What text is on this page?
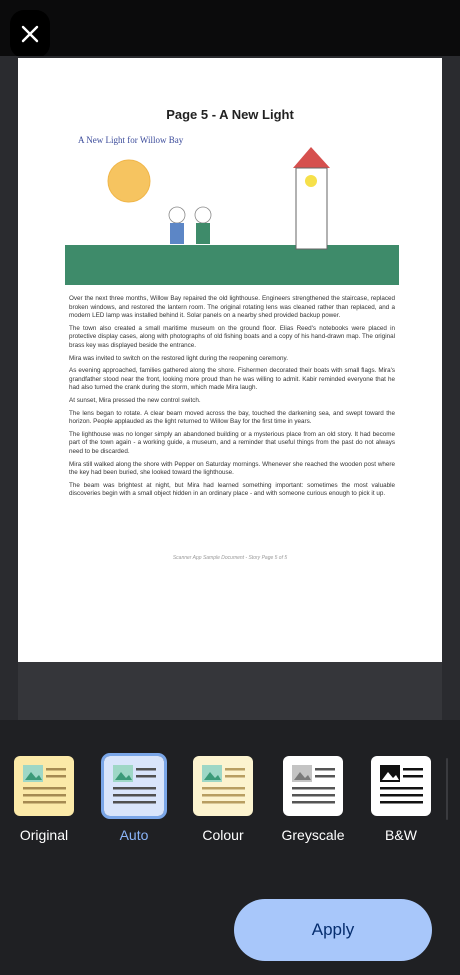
Page 5 - A New Light
A New Light for Willow Bay

Over the next three months, Willow Bay repaired the old lighthouse. Engineers strengthened the staircase, replaced broken windows, and restored the lantern room. The original rotating lens was cleaned rather than replaced, and a modern LED lamp was installed behind it. Solar panels on a nearby shed provided backup power.

The town also created a small maritime museum on the ground floor. Elias Reed's notebooks were placed in protective display cases, along with photographs of old fishing boats and a copy of his hand-drawn map. The original brass key was displayed beside the entrance.

Mira was invited to switch on the restored light during the reopening ceremony.

As evening approached, families gathered along the shore. Fishermen decorated their boats with small flags. Mira's grandfather stood near the front, looking more proud than he was willing to admit. Kabir reminded everyone that he had also turned the crank during the storm, which made Mira laugh.

At sunset, Mira pressed the new control switch.

The lens began to rotate. A clear beam moved across the bay, touched the darkening sea, and swept toward the horizon. People applauded as the light returned to Willow Bay for the first time in years.

The lighthouse was no longer simply an abandoned building or a mysterious place from an old story. It had become part of the town again - a working guide, a museum, and a reminder that useful things from the past do not always need to be discarded.

Mira still walked along the shore with Pepper on Saturday mornings. Whenever she reached the wooden post where the key had been buried, she looked toward the lighthouse.

The beam was brightest at night, but Mira had learned something important: sometimes the most valuable discoveries begin with a small object hidden in an ordinary place - and with someone curious enough to pick it up.

Scanner App Sample Document - Story Page 5 of 5
Original	Auto	Colour	Greyscale	B&W
Apply
